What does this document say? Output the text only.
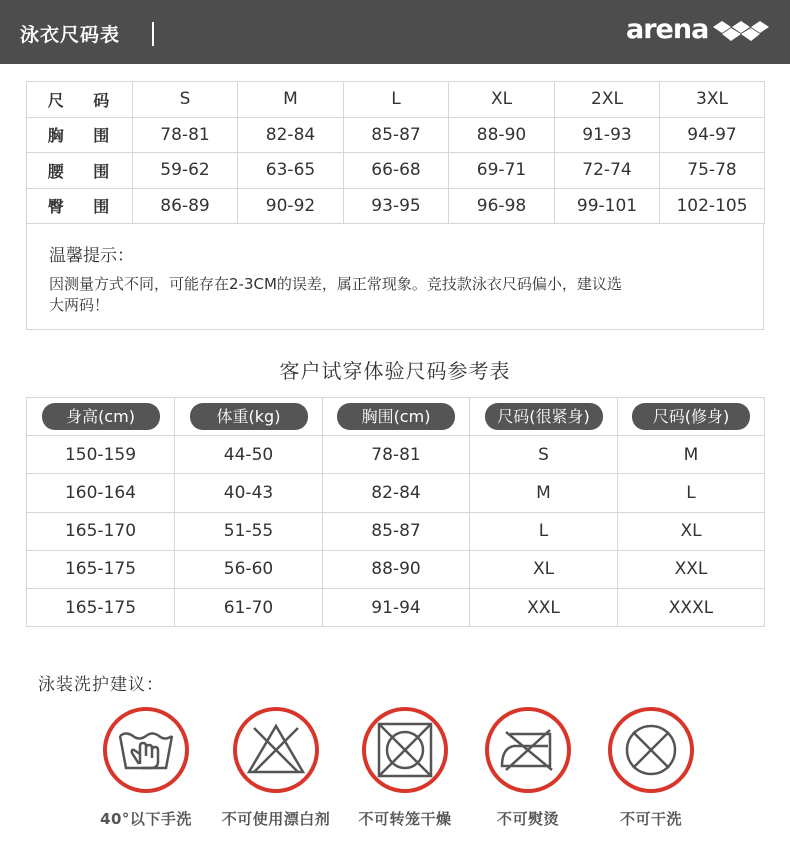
泳衣尺码表	arena
尺 码	S	M	L	XL	2XL	3XL
胸 围	78-81	82-84	85-87	88-90	91-93	94-97
腰 围	59-62	63-65	66-68	69-71	72-74	75-78
臀 围	86-89	90-92	93-95	96-98	99-101	102-105
温馨提示：
因测量方式不同，可能存在2-3CM的误差，属正常现象。竞技款泳衣尺码偏小，建议选
大两码！
客户试穿体验尺码参考表
身高(cm)	体重(kg)	胸围(cm)	尺码(很紧身)	尺码(修身)
150-159	44-50	78-81	S	M
160-164	40-43	82-84	M	L
165-170	51-55	85-87	L	XL
165-175	56-60	88-90	XL	XXL
165-175	61-70	91-94	XXL	XXXL
泳装洗护建议：
40°以下手洗	不可使用漂白剂	不可转笼干燥	不可熨烫	不可干洗
